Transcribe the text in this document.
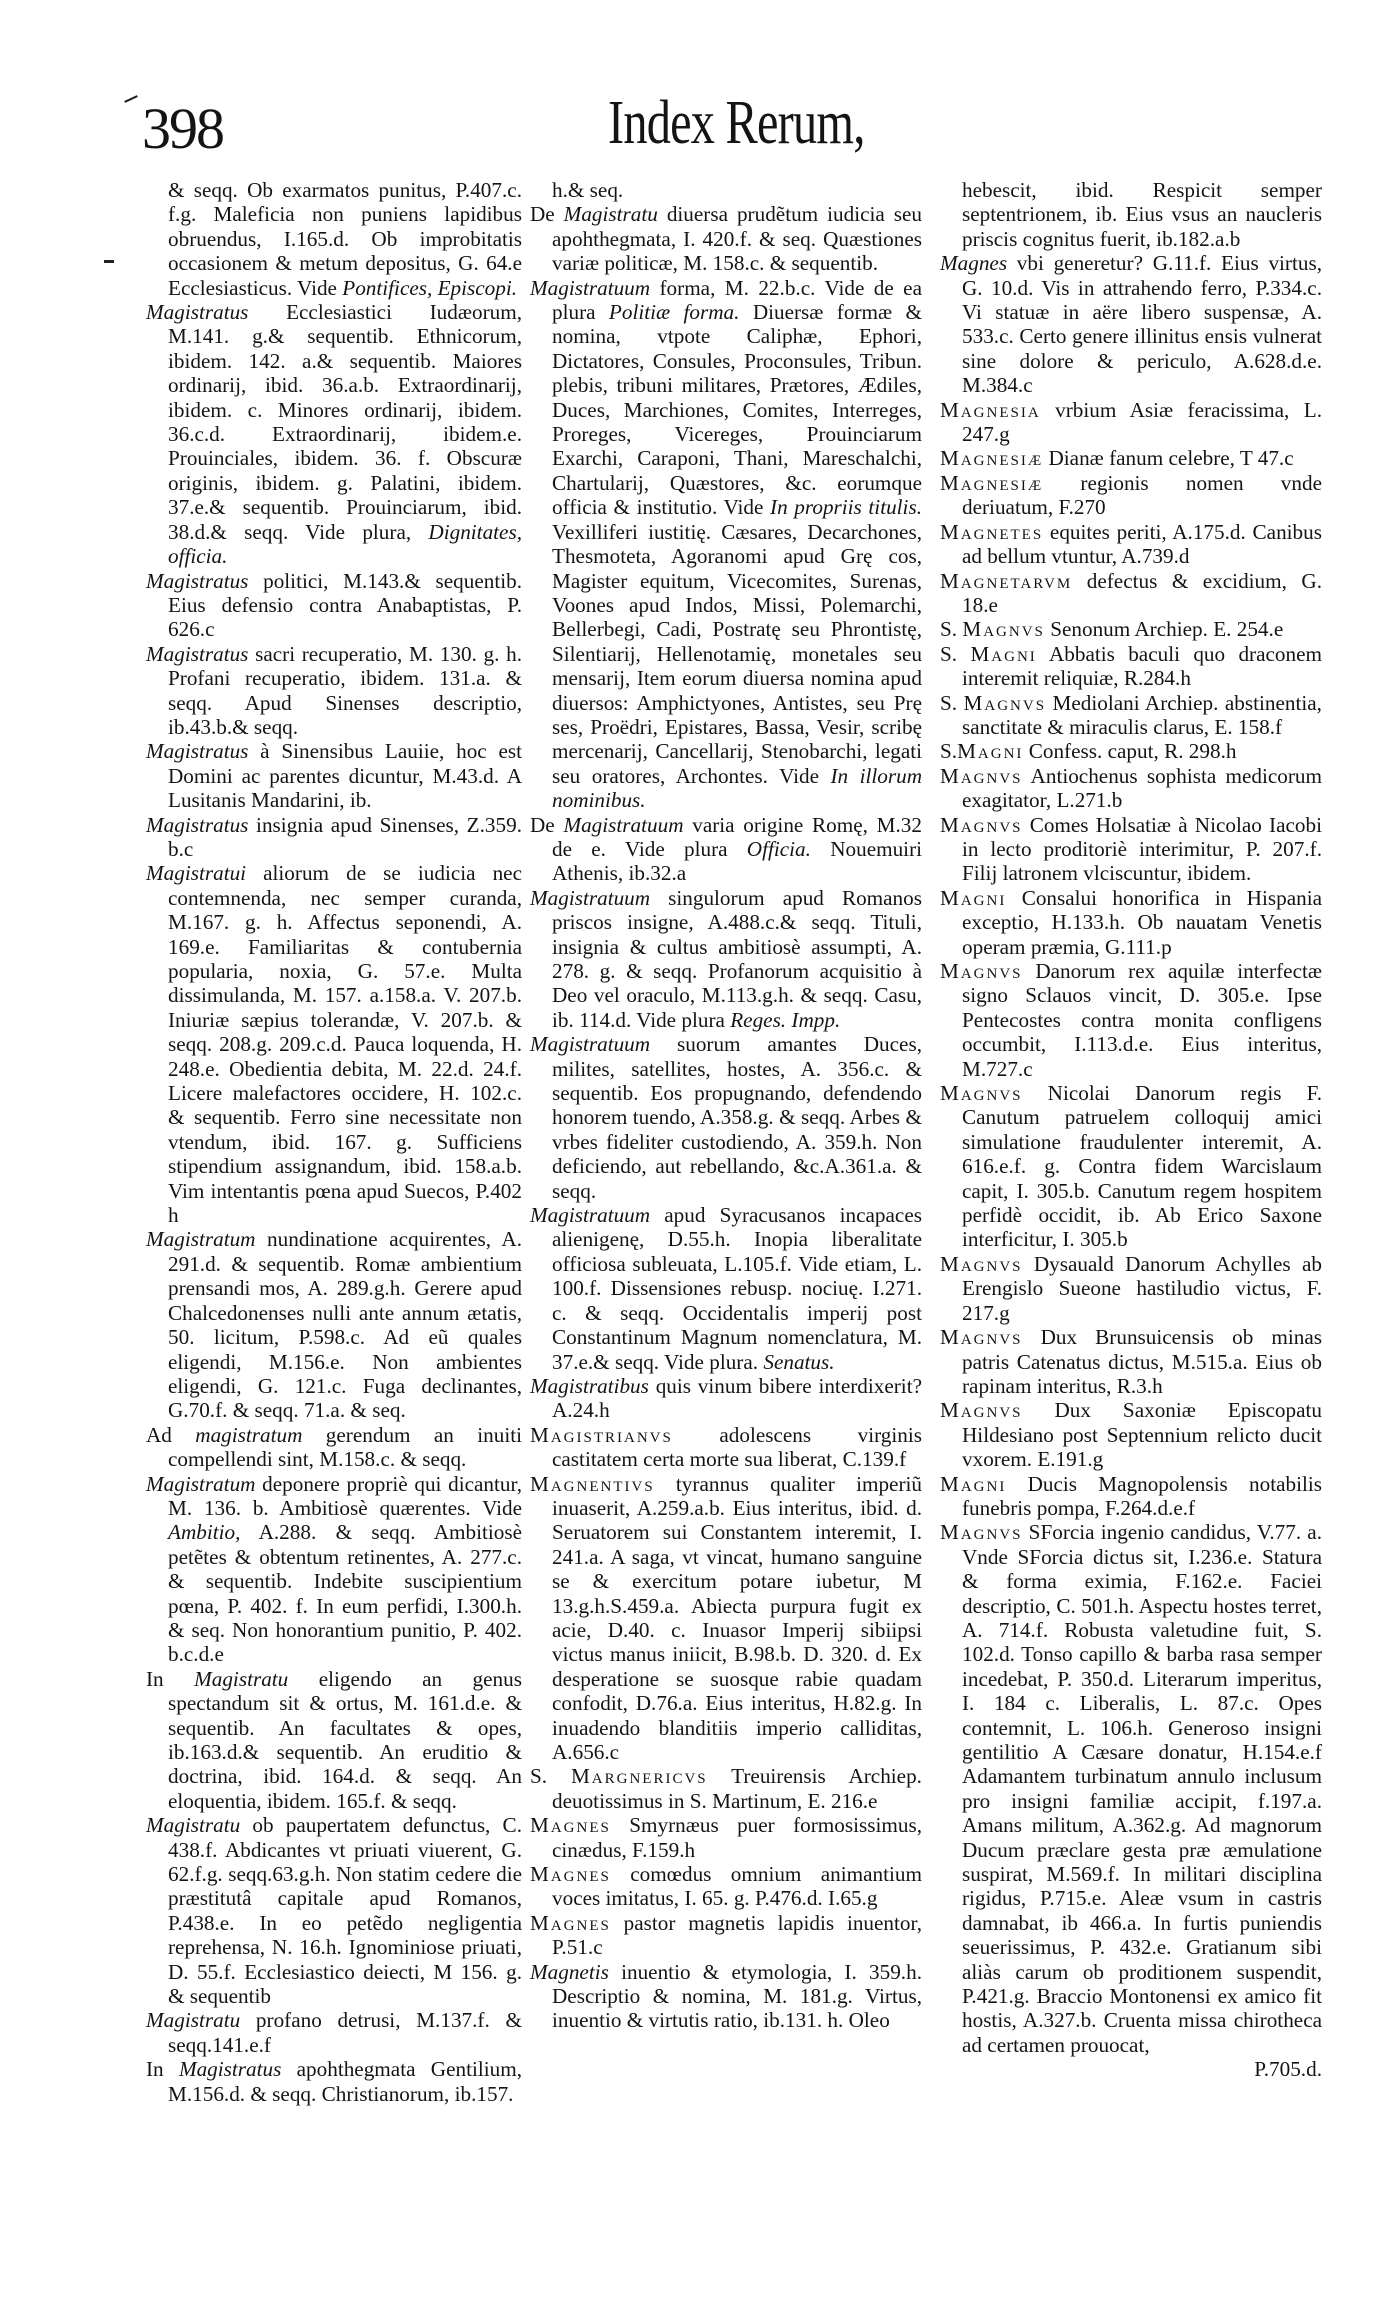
398	Index Rerum,
& seqq. Ob exarmatos punitus, P.407.c. f.g. Maleficia non puniens lapidibus obruendus, I.165.d. Ob improbitatis occasionem & metum depositus, G. 64.e Ecclesiasticus. Vide Pontifices, Episcopi.
Magistratus Ecclesiastici Iudæorum, M.141. g.& sequentib. Ethnicorum, ibidem. 142. a.& sequentib. Maiores ordinarij, ibid. 36.a.b. Extraordinarij, ibidem. c. Minores ordinarij, ibidem. 36.c.d. Extraordinarij, ibidem.e. Prouinciales, ibidem. 36. f. Obscuræ originis, ibidem. g. Palatini, ibidem. 37.e.& sequentib. Prouinciarum, ibid. 38.d.& seqq. Vide plura, Dignitates, officia.
Magistratus politici, M.143.& sequentib. Eius defensio contra Anabaptistas, P. 626.c
Magistratus sacri recuperatio, M. 130. g. h. Profani recuperatio, ibidem. 131.a. & seqq. Apud Sinenses descriptio, ib.43.b.& seqq.
Magistratus à Sinensibus Lauiie, hoc est Domini ac parentes dicuntur, M.43.d. A Lusitanis Mandarini, ib.
Magistratus insignia apud Sinenses, Z.359. b.c
Magistratui aliorum de se iudicia nec contemnenda, nec semper curanda, M.167. g. h. Affectus seponendi, A. 169.e. Familiaritas & contubernia popularia, noxia, G. 57.e. Multa dissimulanda, M. 157. a.158.a. V. 207.b. Iniuriæ sæpius tolerandæ, V. 207.b. & seqq. 208.g. 209.c.d. Pauca loquenda, H. 248.e. Obedientia debita, M. 22.d. 24.f. Licere malefactores occidere, H. 102.c. & sequentib. Ferro sine necessitate non vtendum, ibid. 167. g. Sufficiens stipendium assignandum, ibid. 158.a.b. Vim intentantis pœna apud Suecos, P.402 h
Magistratum nundinatione acquirentes, A. 291.d. & sequentib. Romæ ambientium prensandi mos, A. 289.g.h. Gerere apud Chalcedonenses nulli ante annum ætatis, 50. licitum, P.598.c. Ad eũ quales eligendi, M.156.e. Non ambientes eligendi, G. 121.c. Fuga declinantes, G.70.f. & seqq. 71.a. & seq.
Ad magistratum gerendum an inuiti compellendi sint, M.158.c. & seqq.
Magistratum deponere propriè qui dicantur, M. 136. b. Ambitiosè quærentes. Vide Ambitio, A.288. & seqq. Ambitiosè petẽtes & obtentum retinentes, A. 277.c. & sequentib. Indebite suscipientium pœna, P. 402. f. In eum perfidi, I.300.h. & seq. Non honorantium punitio, P. 402. b.c.d.e
In Magistratu eligendo an genus spectandum sit & ortus, M. 161.d.e. & sequentib. An facultates & opes, ib.163.d.& sequentib. An eruditio & doctrina, ibid. 164.d. & seqq. An eloquentia, ibidem. 165.f. & seqq.
Magistratu ob paupertatem defunctus, C. 438.f. Abdicantes vt priuati viuerent, G. 62.f.g. seqq.63.g.h. Non statim cedere die præstitutâ capitale apud Romanos, P.438.e. In eo petẽdo negligentia reprehensa, N. 16.h. Ignominiose priuati, D. 55.f. Ecclesiastico deiecti, M 156. g. & sequentib
Magistratu profano detrusi, M.137.f. & seqq.141.e.f
In Magistratus apohthegmata Gentilium, M.156.d. & seqq. Christianorum, ib.157.
h.& seq.
De Magistratu diuersa prudẽtum iudicia seu apohthegmata, I. 420.f. & seq. Quæstiones variæ politicæ, M. 158.c. & sequentib.
Magistratuum forma, M. 22.b.c. Vide de ea plura Politiæ forma. Diuersæ formæ & nomina, vtpote Caliphæ, Ephori, Dictatores, Consules, Proconsules, Tribun. plebis, tribuni militares, Prætores, Ædiles, Duces, Marchiones, Comites, Interreges, Proreges, Vicereges, Prouinciarum Exarchi, Caraponi, Thani, Mareschalchi, Chartularij, Quæstores, &c. eorumque officia & institutio. Vide In propriis titulis. Vexilliferi iustitię. Cæsares, Decarchones, Thesmoteta, Agoranomi apud Grę cos, Magister equitum, Vicecomites, Surenas, Voones apud Indos, Missi, Polemarchi, Bellerbegi, Cadi, Postratę seu Phrontistę, Silentiarij, Hellenotamię, monetales seu mensarij, Item eorum diuersa nomina apud diuersos: Amphictyones, Antistes, seu Prę ses, Proëdri, Epistares, Bassa, Vesir, scribę mercenarij, Cancellarij, Stenobarchi, legati seu oratores, Archontes. Vide In illorum nominibus.
De Magistratuum varia origine Romę, M.32 de e. Vide plura Officia. Nouemuiri Athenis, ib.32.a
Magistratuum singulorum apud Romanos priscos insigne, A.488.c.& seqq. Tituli, insignia & cultus ambitiosè assumpti, A. 278. g. & seqq. Profanorum acquisitio à Deo vel oraculo, M.113.g.h. & seqq. Casu, ib. 114.d. Vide plura Reges. Impp.
Magistratuum suorum amantes Duces, milites, satellites, hostes, A. 356.c. & sequentib. Eos propugnando, defendendo honorem tuendo, A.358.g. & seqq. Arbes & vrbes fideliter custodiendo, A. 359.h. Non deficiendo, aut rebellando, &c.A.361.a. & seqq.
Magistratuum apud Syracusanos incapaces alienigenę, D.55.h. Inopia liberalitate officiosa subleuata, L.105.f. Vide etiam, L. 100.f. Dissensiones rebusp. nociuę. I.271. c. & seqq. Occidentalis imperij post Constantinum Magnum nomenclatura, M. 37.e.& seqq. Vide plura. Senatus.
Magistratibus quis vinum bibere interdixerit? A.24.h
Magistrianvs adolescens virginis castitatem certa morte sua liberat, C.139.f
Magnentivs tyrannus qualiter imperiũ inuaserit, A.259.a.b. Eius interitus, ibid. d. Seruatorem sui Constantem interemit, I. 241.a. A saga, vt vincat, humano sanguine se & exercitum potare iubetur, M 13.g.h.S.459.a. Abiecta purpura fugit ex acie, D.40. c. Inuasor Imperij sibiipsi victus manus iniicit, B.98.b. D. 320. d. Ex desperatione se suosque rabie quadam confodit, D.76.a. Eius interitus, H.82.g. In inuadendo blanditiis imperio calliditas, A.656.c
S. Margnericvs Treuirensis Archiep. deuotissimus in S. Martinum, E. 216.e
Magnes Smyrnæus puer formosissimus, cinædus, F.159.h
Magnes comœdus omnium animantium voces imitatus, I. 65. g. P.476.d. I.65.g
Magnes pastor magnetis lapidis inuentor, P.51.c
Magnetis inuentio & etymologia, I. 359.h. Descriptio & nomina, M. 181.g. Virtus, inuentio & virtutis ratio, ib.131. h. Oleo
hebescit, ibid. Respicit semper septentrionem, ib. Eius vsus an naucleris priscis cognitus fuerit, ib.182.a.b
Magnes vbi generetur? G.11.f. Eius virtus, G. 10.d. Vis in attrahendo ferro, P.334.c. Vi statuæ in aëre libero suspensæ, A. 533.c. Certo genere illinitus ensis vulnerat sine dolore & periculo, A.628.d.e. M.384.c
Magnesia vrbium Asiæ feracissima, L. 247.g
Magnesiæ Dianæ fanum celebre, T 47.c
Magnesiæ regionis nomen vnde deriuatum, F.270
Magnetes equites periti, A.175.d. Canibus ad bellum vtuntur, A.739.d
Magnetarvm defectus & excidium, G. 18.e
S. Magnvs Senonum Archiep. E. 254.e
S. Magni Abbatis baculi quo draconem interemit reliquiæ, R.284.h
S. Magnvs Mediolani Archiep. abstinentia, sanctitate & miraculis clarus, E. 158.f
S.Magni Confess. caput, R. 298.h
Magnvs Antiochenus sophista medicorum exagitator, L.271.b
Magnvs Comes Holsatiæ à Nicolao Iacobi in lecto proditoriè interimitur, P. 207.f. Filij latronem vlciscuntur, ibidem.
Magni Consalui honorifica in Hispania exceptio, H.133.h. Ob nauatam Venetis operam præmia, G.111.p
Magnvs Danorum rex aquilæ interfectæ signo Sclauos vincit, D. 305.e. Ipse Pentecostes contra monita confligens occumbit, I.113.d.e. Eius interitus, M.727.c
Magnvs Nicolai Danorum regis F. Canutum patruelem colloquij amici simulatione fraudulenter interemit, A. 616.e.f. g. Contra fidem Warcislaum capit, I. 305.b. Canutum regem hospitem perfidè occidit, ib. Ab Erico Saxone interficitur, I. 305.b
Magnvs Dysauald Danorum Achylles ab Erengislo Sueone hastiludio victus, F. 217.g
Magnvs Dux Brunsuicensis ob minas patris Catenatus dictus, M.515.a. Eius ob rapinam interitus, R.3.h
Magnvs Dux Saxoniæ Episcopatu Hildesiano post Septennium relicto ducit vxorem. E.191.g
Magni Ducis Magnopolensis notabilis funebris pompa, F.264.d.e.f
Magnvs SForcia ingenio candidus, V.77. a. Vnde SForcia dictus sit, I.236.e. Statura & forma eximia, F.162.e. Faciei descriptio, C. 501.h. Aspectu hostes terret, A. 714.f. Robusta valetudine fuit, S. 102.d. Tonso capillo & barba rasa semper incedebat, P. 350.d. Literarum imperitus, I. 184 c. Liberalis, L. 87.c. Opes contemnit, L. 106.h. Generoso insigni gentilitio A Cæsare donatur, H.154.e.f Adamantem turbinatum annulo inclusum pro insigni familiæ accipit, f.197.a. Amans militum, A.362.g. Ad magnorum Ducum præclare gesta præ æmulatione suspirat, M.569.f. In militari disciplina rigidus, P.715.e. Aleæ vsum in castris damnabat, ib 466.a. In furtis puniendis seuerissimus, P. 432.e. Gratianum sibi aliàs carum ob proditionem suspendit, P.421.g. Braccio Montonensi ex amico fit hostis, A.327.b. Cruenta missa chirotheca ad certamen prouocat,
P.705.d.
